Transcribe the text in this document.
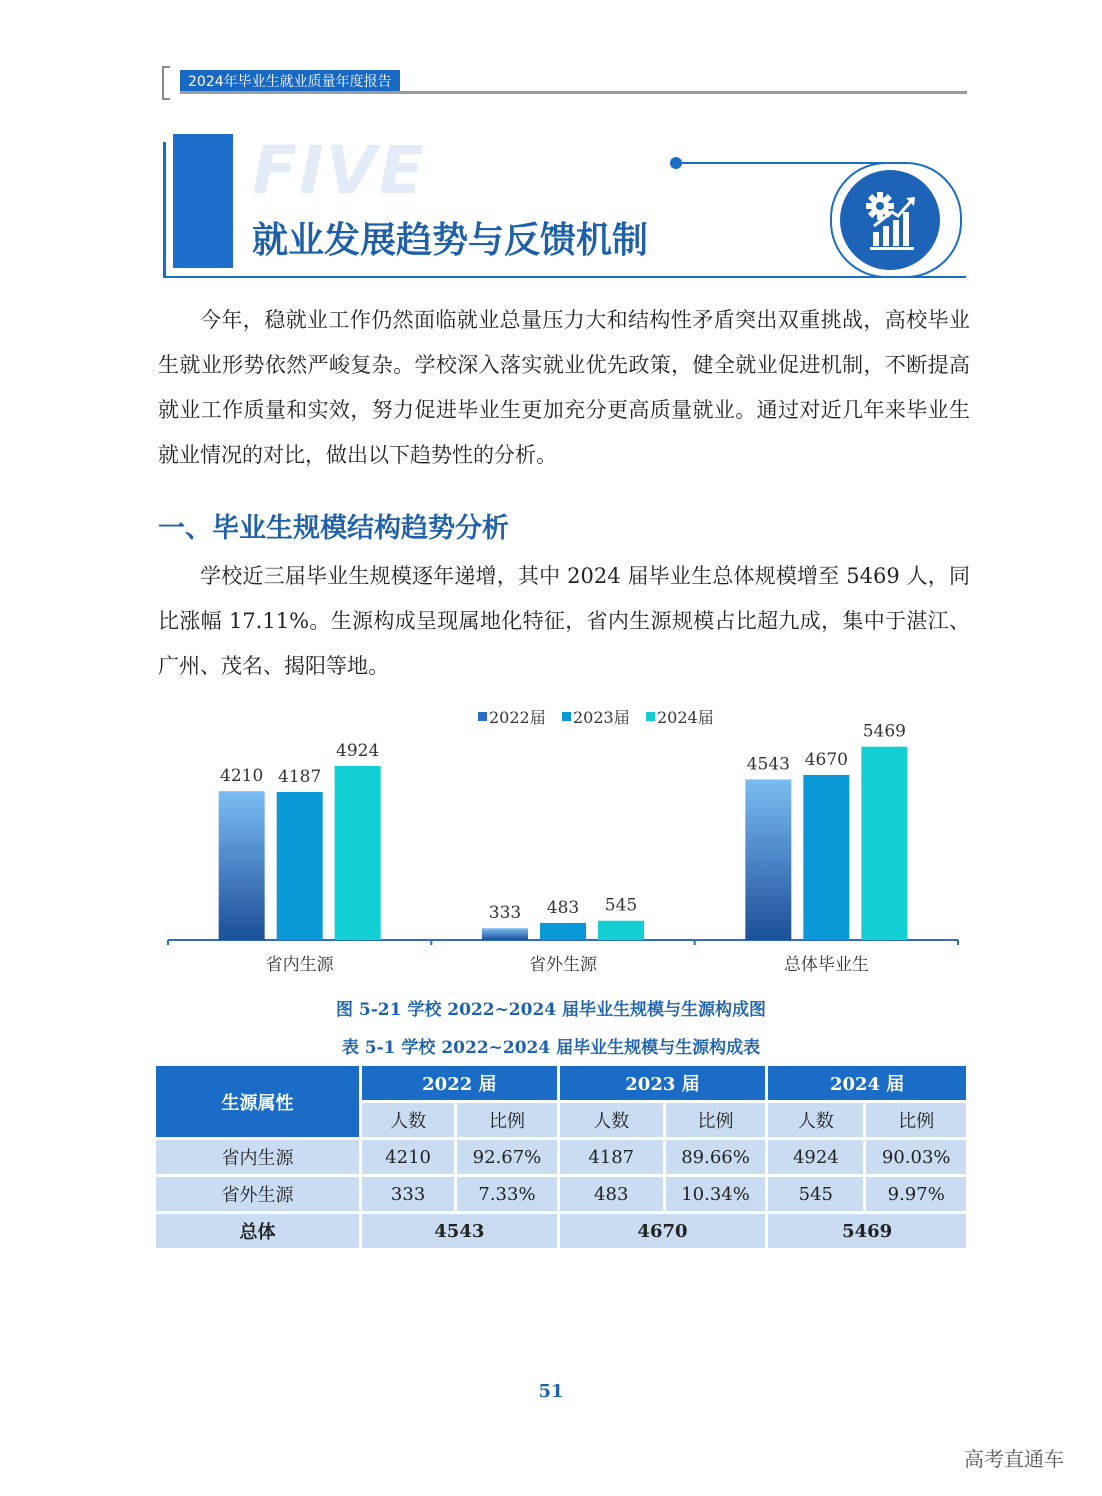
2024年毕业生就业质量年度报告
FIVE
就业发展趋势与反馈机制

今年，稳就业工作仍然面临就业总量压力大和结构性矛盾突出双重挑战，高校毕业生就业形势依然严峻复杂。学校深入落实就业优先政策，健全就业促进机制，不断提高就业工作质量和实效，努力促进毕业生更加充分更高质量就业。通过对近几年来毕业生就业情况的对比，做出以下趋势性的分析。

一、毕业生规模结构趋势分析

学校近三届毕业生规模逐年递增，其中 2024 届毕业生总体规模增至 5469 人，同比涨幅 17.11%。生源构成呈现属地化特征，省内生源规模占比超九成，集中于湛江、广州、茂名、揭阳等地。

4210 4187
4924
省内生源
333 483 545
省外生源
4543 4670
5469
总体毕业生
2022届 2023届 2024届
图 5-21 学校 2022~2024 届毕业生规模与生源构成图
表 5-1 学校 2022~2024 届毕业生规模与生源构成表
生源属性	2022 届		2023 届		2024 届	
	人数	比例	人数	比例	人数	比例
省内生源	4210	92.67%	4187	89.66%	4924	90.03%
省外生源	333	7.33%	483	10.34%	545	9.97%
总体	4543		4670		5469	
51
高考直通车
